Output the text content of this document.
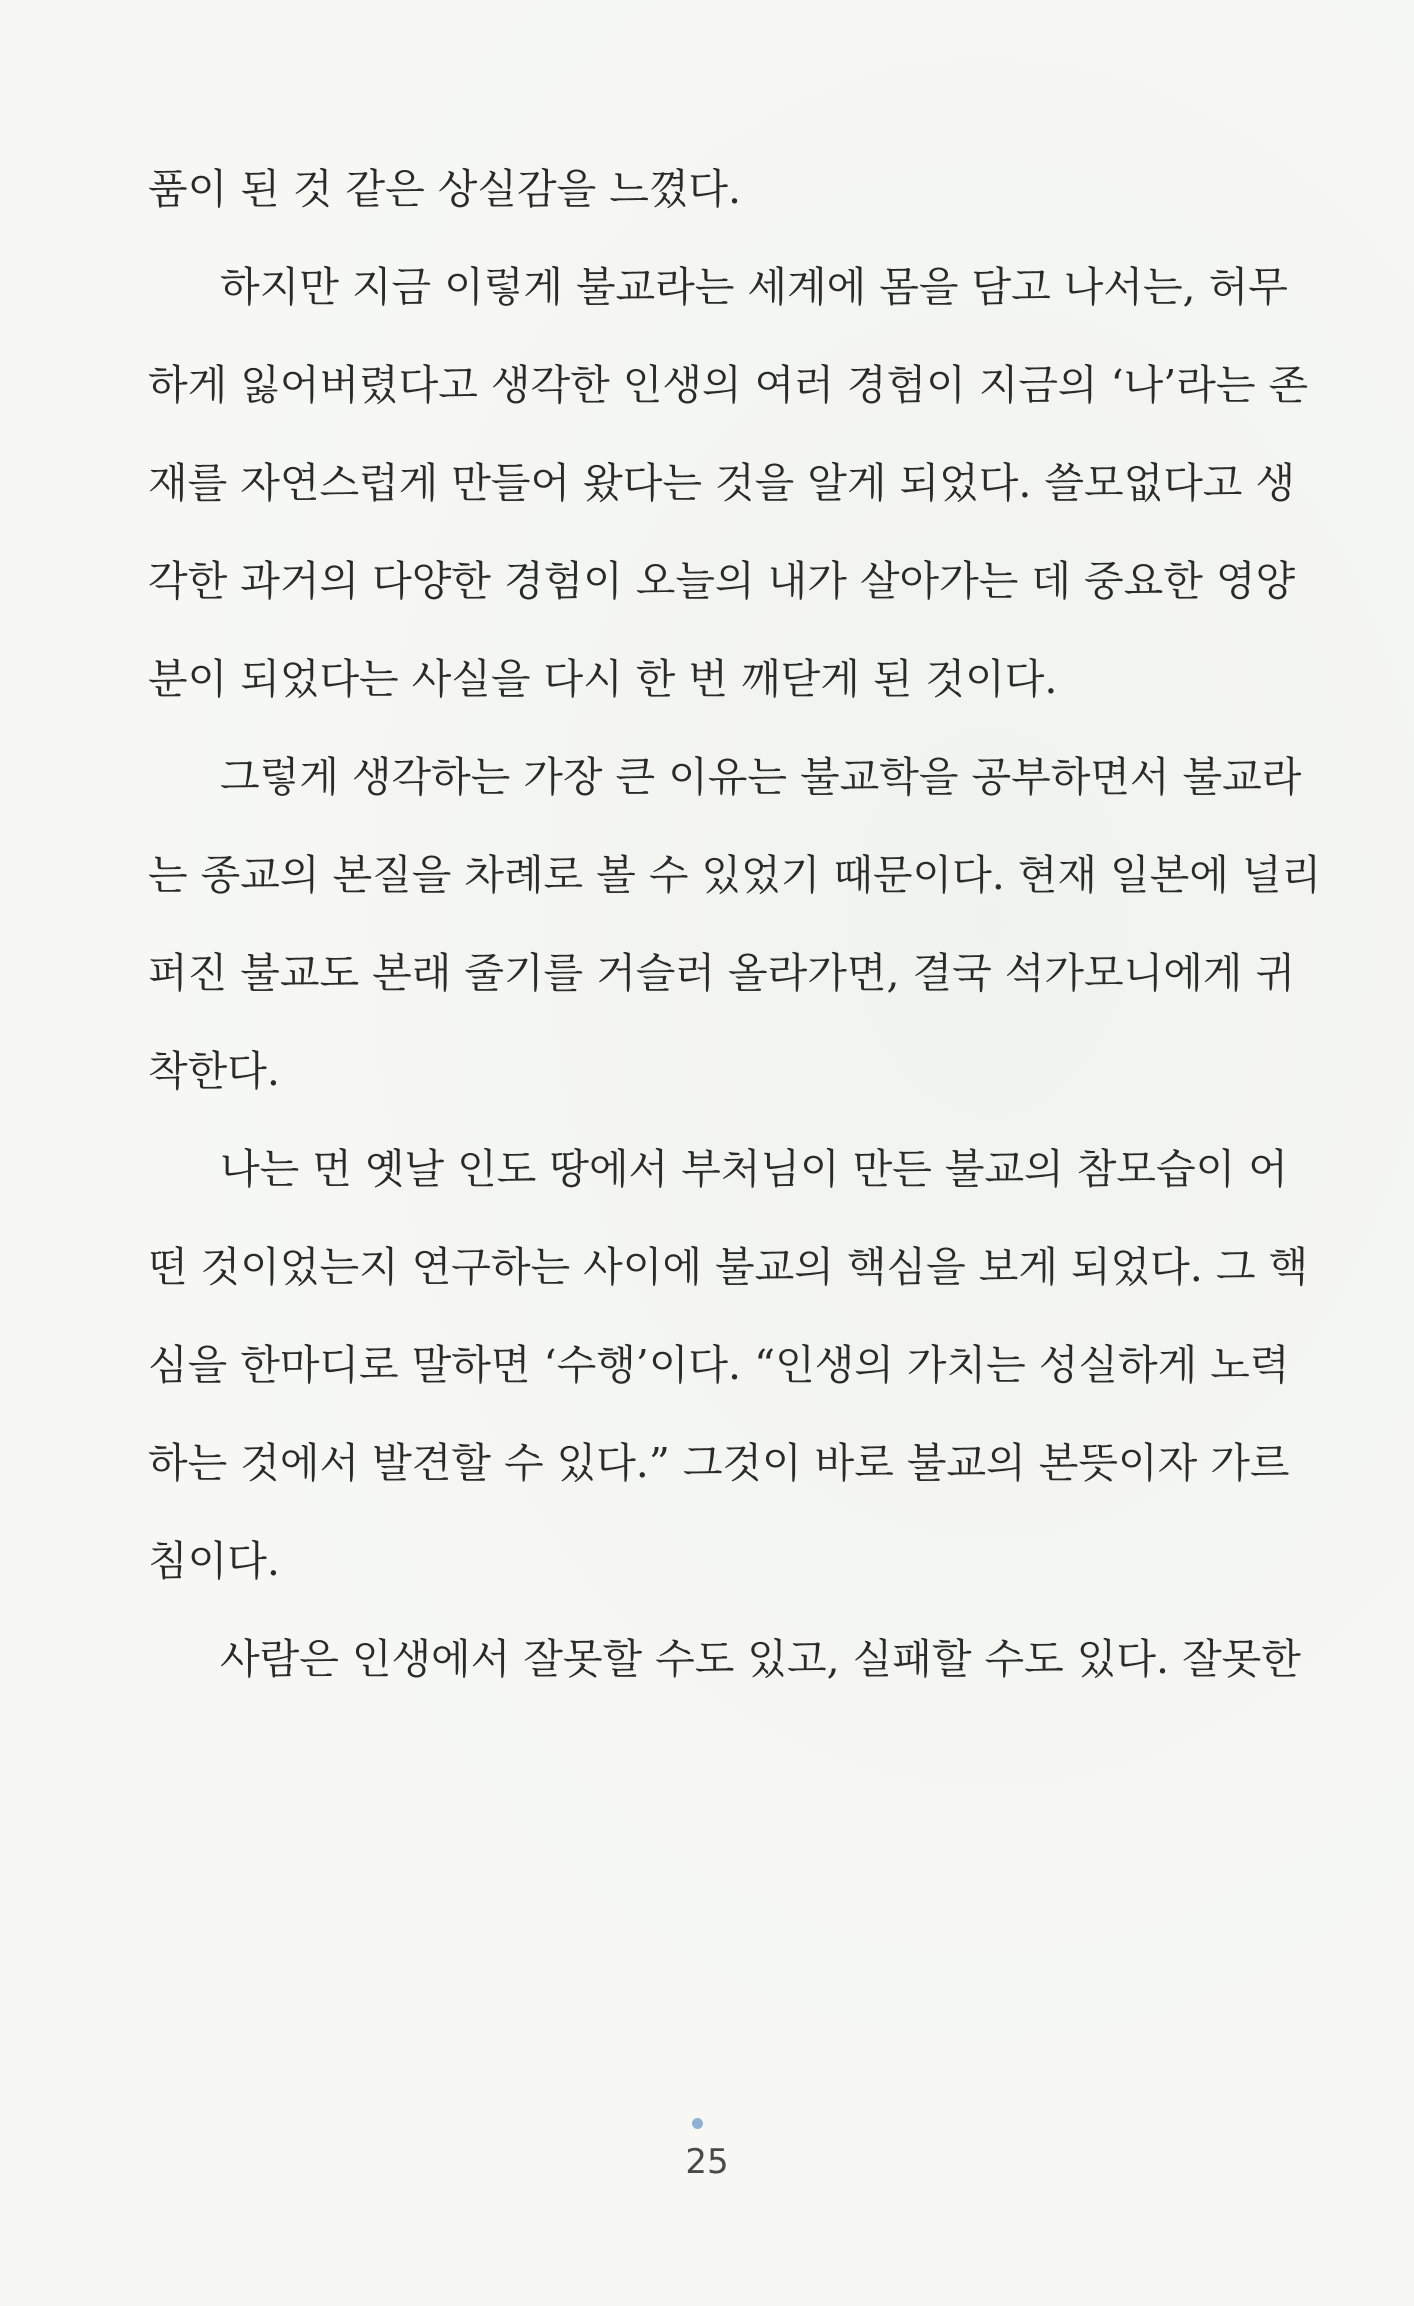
품이 된 것 같은 상실감을 느꼈다.
하지만 지금 이렇게 불교라는 세계에 몸을 담고 나서는, 허무
하게 잃어버렸다고 생각한 인생의 여러 경험이 지금의 ‘나’라는 존
재를 자연스럽게 만들어 왔다는 것을 알게 되었다. 쓸모없다고 생
각한 과거의 다양한 경험이 오늘의 내가 살아가는 데 중요한 영양
분이 되었다는 사실을 다시 한 번 깨닫게 된 것이다.
그렇게 생각하는 가장 큰 이유는 불교학을 공부하면서 불교라
는 종교의 본질을 차례로 볼 수 있었기 때문이다. 현재 일본에 널리
퍼진 불교도 본래 줄기를 거슬러 올라가면, 결국 석가모니에게 귀
착한다.
나는 먼 옛날 인도 땅에서 부처님이 만든 불교의 참모습이 어
떤 것이었는지 연구하는 사이에 불교의 핵심을 보게 되었다. 그 핵
심을 한마디로 말하면 ‘수행’이다. “인생의 가치는 성실하게 노력
하는 것에서 발견할 수 있다.” 그것이 바로 불교의 본뜻이자 가르
침이다.
사람은 인생에서 잘못할 수도 있고, 실패할 수도 있다. 잘못한
25
